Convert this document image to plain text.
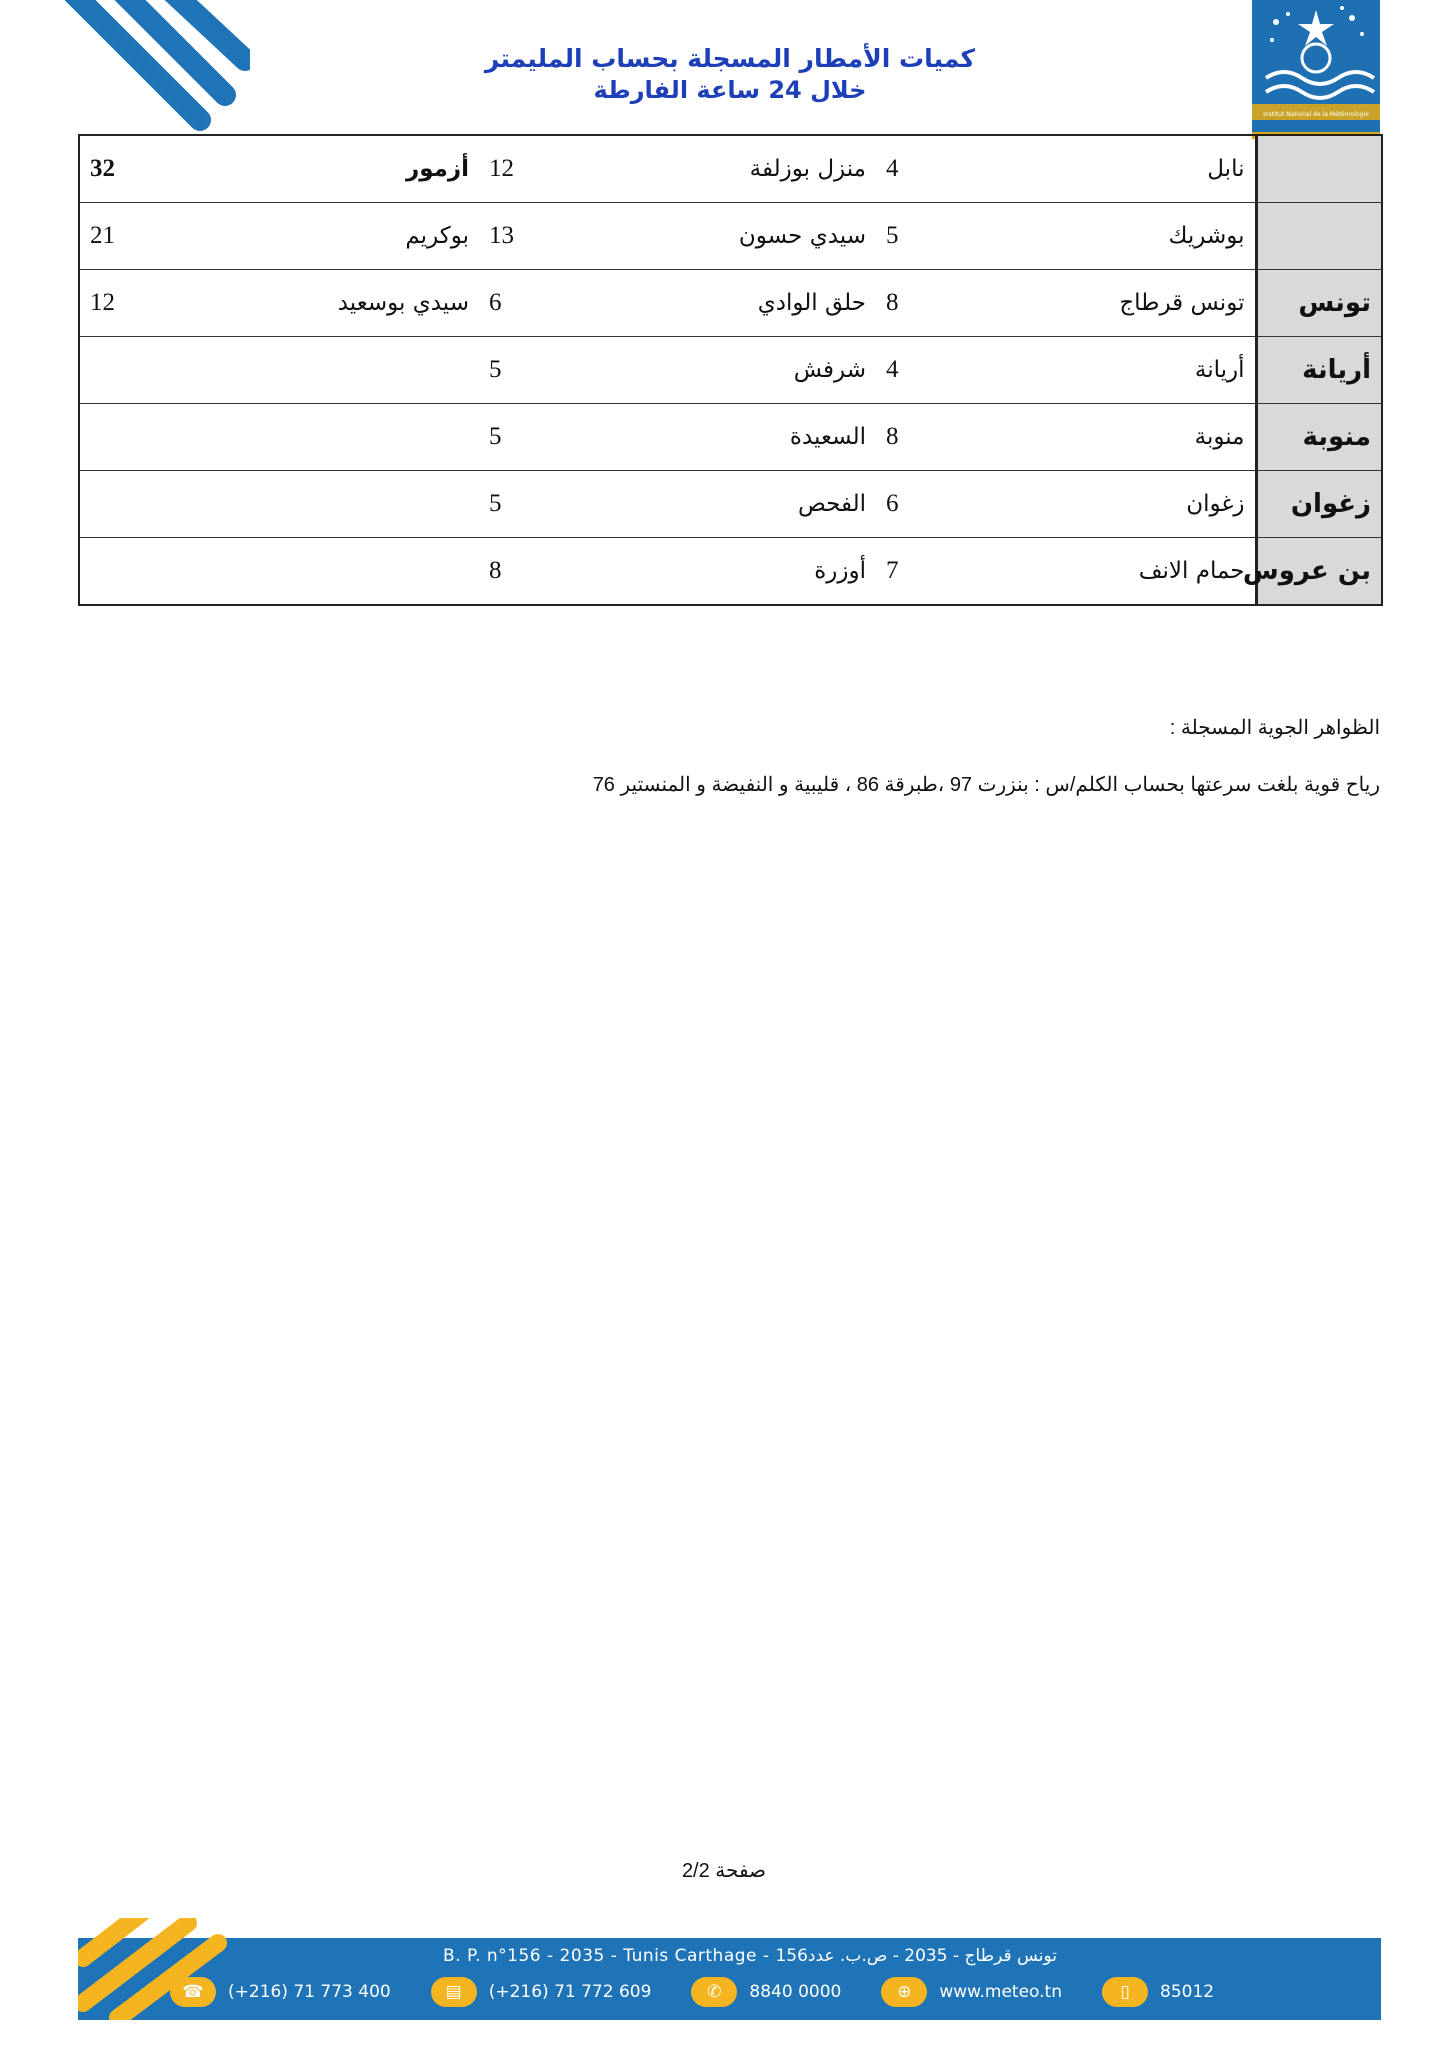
Institut National de la Météorologie
كميات الأمطار المسجلة بحساب المليمتر
خلال 24 ساعة الفارطة
	نابل	4	منزل بوزلفة	12	أزمور	32
	بوشريك	5	سيدي حسون	13	بوكريم	21
تونس	تونس قرطاج	8	حلق الوادي	6	سيدي بوسعيد	12
أريانة	أريانة	4	شرفش	5		
منوبة	منوبة	8	السعيدة	5		
زغوان	زغوان	6	الفحص	5		
بن عروس	حمام الانف	7	أوزرة	8		
الظواهر الجوية المسجلة :
رياح قوية بلغت سرعتها بحساب الكلم/س : بنزرت 97 ،طبرقة 86 ، قليبية و النفيضة و المنستير 76
صفحة 2/2
B. P. n°156 - 2035 - Tunis Carthage - تونس قرطاج - 2035 - ص.ب. عدد156
☎	(+216) 71 773 400	▤	(+216) 71 772 609	✆	8840 0000	⊕	www.meteo.tn	▯	85012
